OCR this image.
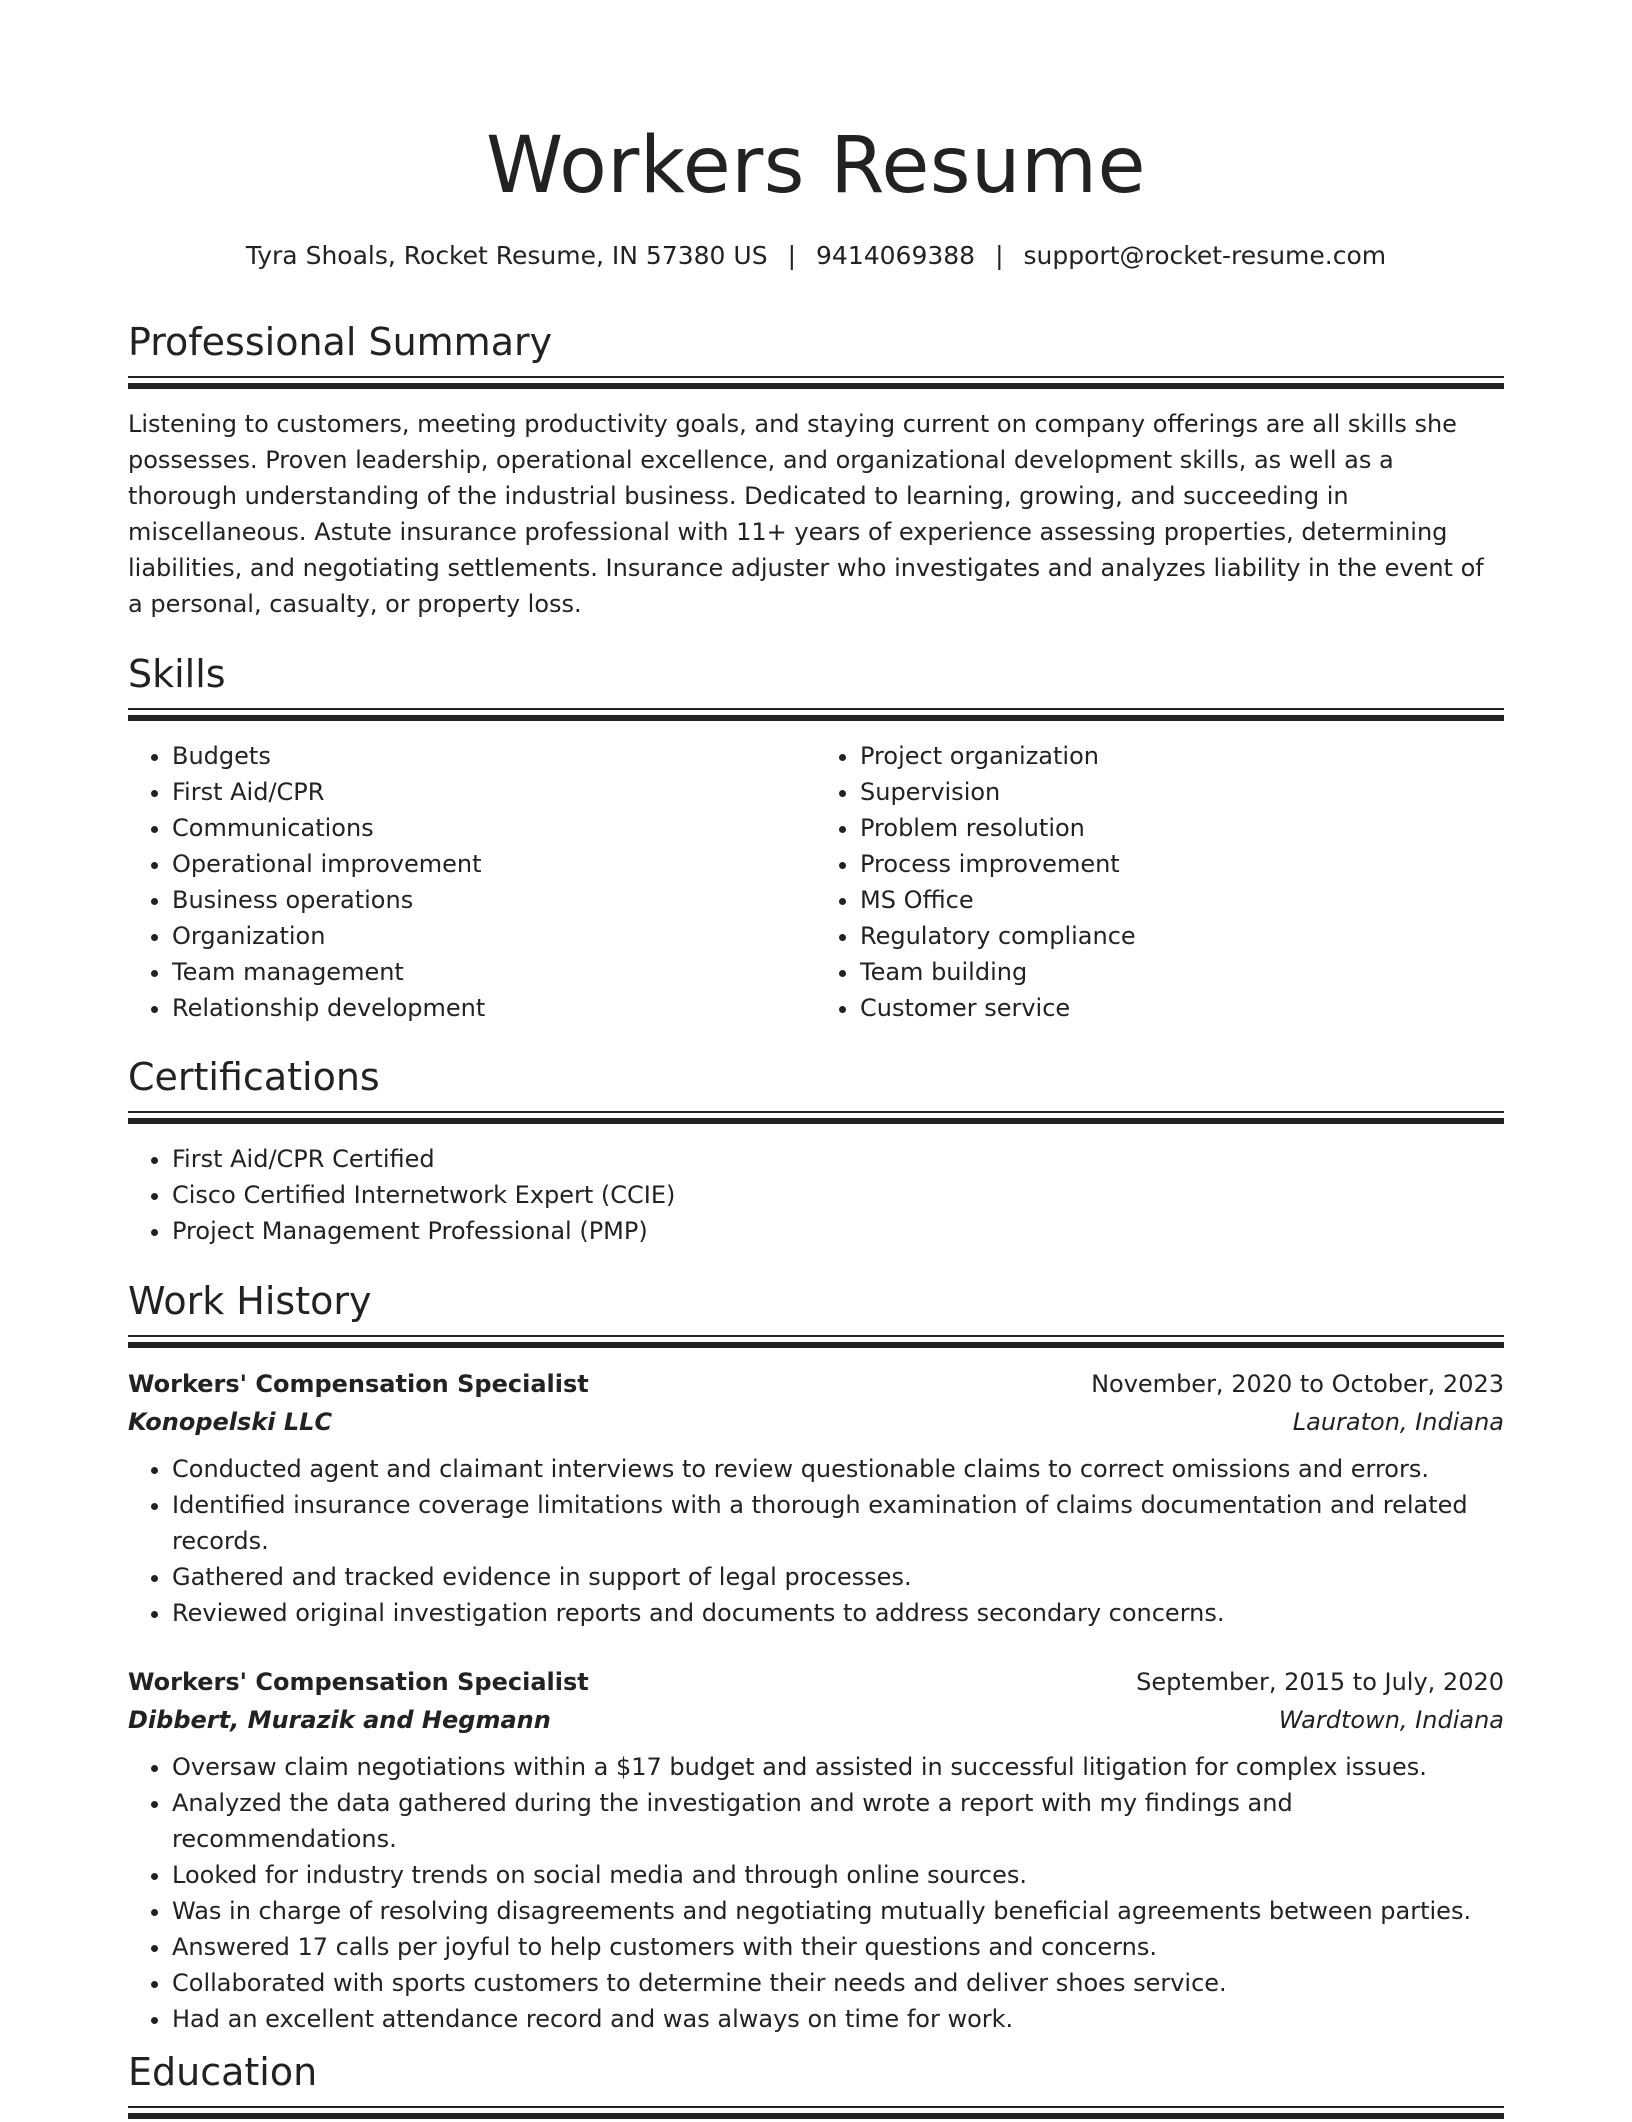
Workers Resume
Tyra Shoals, Rocket Resume, IN 57380 US | 9414069388 | support@rocket-resume.com
Professional Summary
Listening to customers, meeting productivity goals, and staying current on company offerings are all skills she possesses. Proven leadership, operational excellence, and organizational development skills, as well as a thorough understanding of the industrial business. Dedicated to learning, growing, and succeeding in miscellaneous. Astute insurance professional with 11+ years of experience assessing properties, determining liabilities, and negotiating settlements. Insurance adjuster who investigates and analyzes liability in the event of a personal, casualty, or property loss.
Skills
• Budgets
• First Aid/CPR
• Communications
• Operational improvement
• Business operations
• Organization
• Team management
• Relationship development
• Project organization
• Supervision
• Problem resolution
• Process improvement
• MS Office
• Regulatory compliance
• Team building
• Customer service
Certifications
• First Aid/CPR Certified
• Cisco Certified Internetwork Expert (CCIE)
• Project Management Professional (PMP)
Work History
Workers' Compensation Specialist	November, 2020 to October, 2023
Konopelski LLC	Lauraton, Indiana
• Conducted agent and claimant interviews to review questionable claims to correct omissions and errors.
• Identified insurance coverage limitations with a thorough examination of claims documentation and related records.
• Gathered and tracked evidence in support of legal processes.
• Reviewed original investigation reports and documents to address secondary concerns.
Workers' Compensation Specialist	September, 2015 to July, 2020
Dibbert, Murazik and Hegmann	Wardtown, Indiana
• Oversaw claim negotiations within a $17 budget and assisted in successful litigation for complex issues.
• Analyzed the data gathered during the investigation and wrote a report with my findings and recommendations.
• Looked for industry trends on social media and through online sources.
• Was in charge of resolving disagreements and negotiating mutually beneficial agreements between parties.
• Answered 17 calls per joyful to help customers with their questions and concerns.
• Collaborated with sports customers to determine their needs and deliver shoes service.
• Had an excellent attendance record and was always on time for work.
Education
